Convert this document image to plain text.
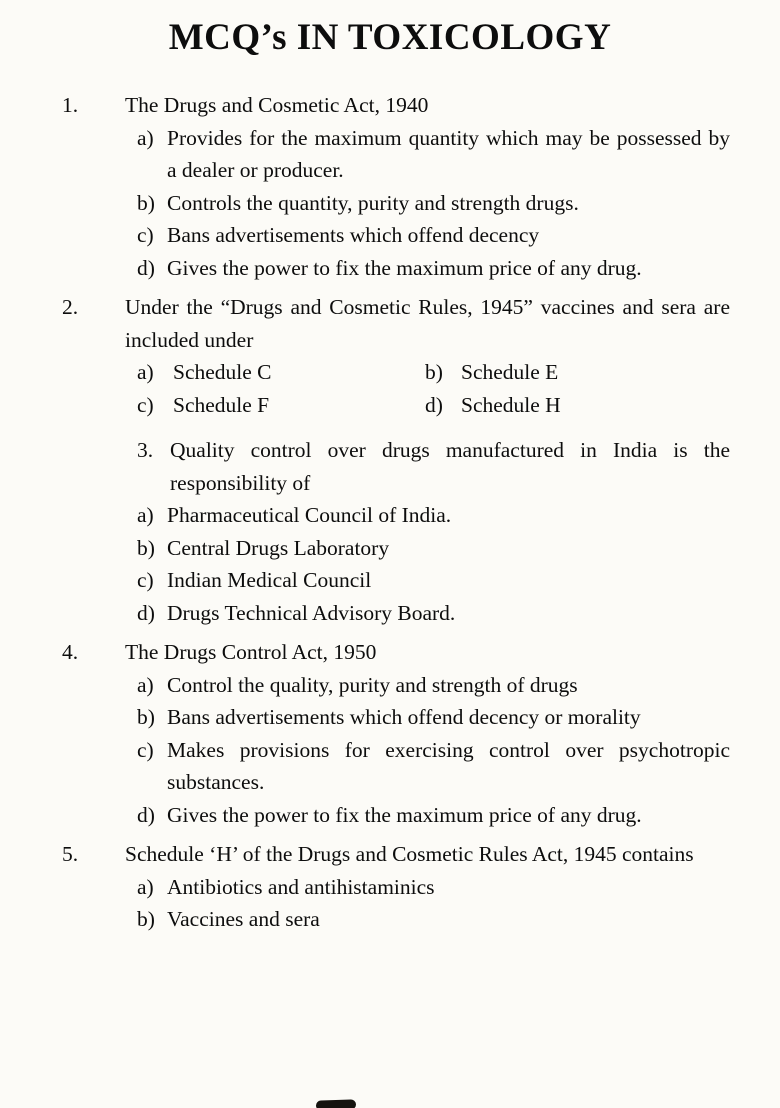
MCQ’s IN TOXICOLOGY
1.	The Drugs and Cosmetic Act, 1940
a) Provides for the maximum quantity which may be possessed by a dealer or producer.
b) Controls the quantity, purity and strength drugs.
c) Bans advertisements which offend decency
d) Gives the power to fix the maximum price of any drug.
2.	Under the “Drugs and Cosmetic Rules, 1945” vaccines and sera are included under
a) Schedule C	b) Schedule E
c) Schedule F	d) Schedule H
3. Quality control over drugs manufactured in India is the responsibility of
a) Pharmaceutical Council of India.
b) Central Drugs Laboratory
c) Indian Medical Council
d) Drugs Technical Advisory Board.
4.	The Drugs Control Act, 1950
a) Control the quality, purity and strength of drugs
b) Bans advertisements which offend decency or morality
c) Makes provisions for exercising control over psychotropic substances.
d) Gives the power to fix the maximum price of any drug.
5.	Schedule ‘H’ of the Drugs and Cosmetic Rules Act, 1945 contains
a) Antibiotics and antihistaminics
b) Vaccines and sera
